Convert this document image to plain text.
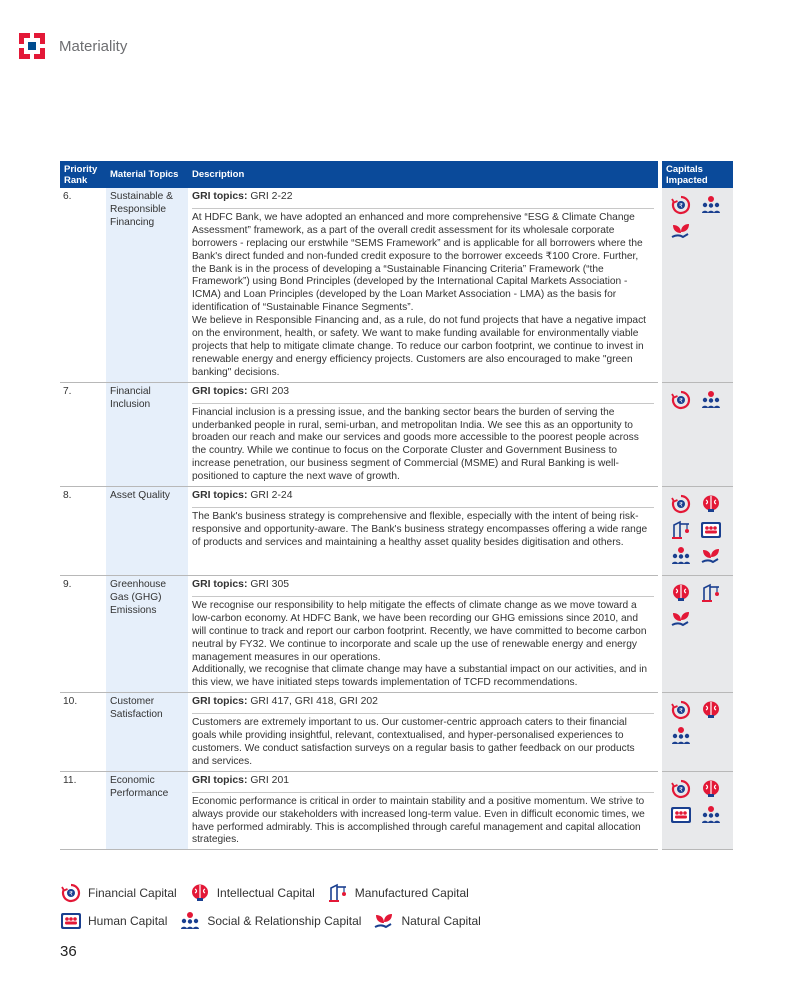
Materiality
Priority Rank	Material Topics	Description		Capitals Impacted
6.	Sustainable & Responsible Financing	GRI topics: GRI 2-22
At HDFC Bank, we have adopted an enhanced and more comprehensive “ESG & Climate Change Assessment” framework, as a part of the overall credit assessment for its wholesale corporate borrowers - replacing our erstwhile “SEMS Framework” and is applicable for all borrowers where the Bank's direct funded and non-funded credit exposure to the borrower exceeds ₹100 Crore. Further, the Bank is in the process of developing a “Sustainable Financing Criteria” Framework (“the Framework”) using Bond Principles (developed by the International Capital Markets Association - ICMA) and Loan Principles (developed by the Loan Market Association - LMA) as the basis for identification of “Sustainable Finance Segments”.
We believe in Responsible Financing and, as a rule, do not fund projects that have a negative impact on the environment, health, or safety. We want to make funding available for environmentally viable projects that help to mitigate climate change. To reduce our carbon footprint, we continue to invest in renewable energy and energy efficiency projects. Customers are also encouraged to make "green banking" decisions.		₹

7.	Financial Inclusion	GRI topics: GRI 203
Financial inclusion is a pressing issue, and the banking sector bears the burden of serving the underbanked people in rural, semi-urban, and metropolitan India. We see this as an opportunity to broaden our reach and make our services and goods more accessible to the poorest people across the country. While we continue to focus on the Corporate Cluster and Government Business to increase penetration, our business segment of Commercial (MSME) and Rural Banking is well-positioned to capture the next wave of growth.		₹

8.	Asset Quality	GRI topics: GRI 2-24
The Bank's business strategy is comprehensive and flexible, especially with the intent of being risk-responsive and opportunity-aware. The Bank's business strategy encompasses offering a wide range of products and services and maintaining a healthy asset quality besides digitisation and others.		₹

9.	Greenhouse Gas (GHG) Emissions	GRI topics: GRI 305
We recognise our responsibility to help mitigate the effects of climate change as we move toward a low-carbon economy. At HDFC Bank, we have been recording our GHG emissions since 2010, and will continue to track and report our carbon footprint. Recently, we have committed to become carbon neutral by FY32. We continue to incorporate and scale up the use of renewable energy and energy management measures in our operations.
Additionally, we recognise that climate change may have a substantial impact on our activities, and in this view, we have initiated steps towards implementation of TCFD recommendations.

10.	Customer Satisfaction	GRI topics: GRI 417, GRI 418, GRI 202
Customers are extremely important to us. Our customer-centric approach caters to their financial goals while providing insightful, relevant, contextualised, and hyper-personalised experiences to customers. We conduct satisfaction surveys on a regular basis to gather feedback on our products and services.		₹

11.	Economic Performance	GRI topics: GRI 201
Economic performance is critical in order to maintain stability and a positive momentum. We strive to always provide our stakeholders with increased long-term value. Even in difficult economic times, we have performed admirably. This is accomplished through careful management and capital allocation strategies.		₹
₹ Financial Capital	Intellectual Capital	Manufactured Capital
Human Capital	Social & Relationship Capital	Natural Capital
36
